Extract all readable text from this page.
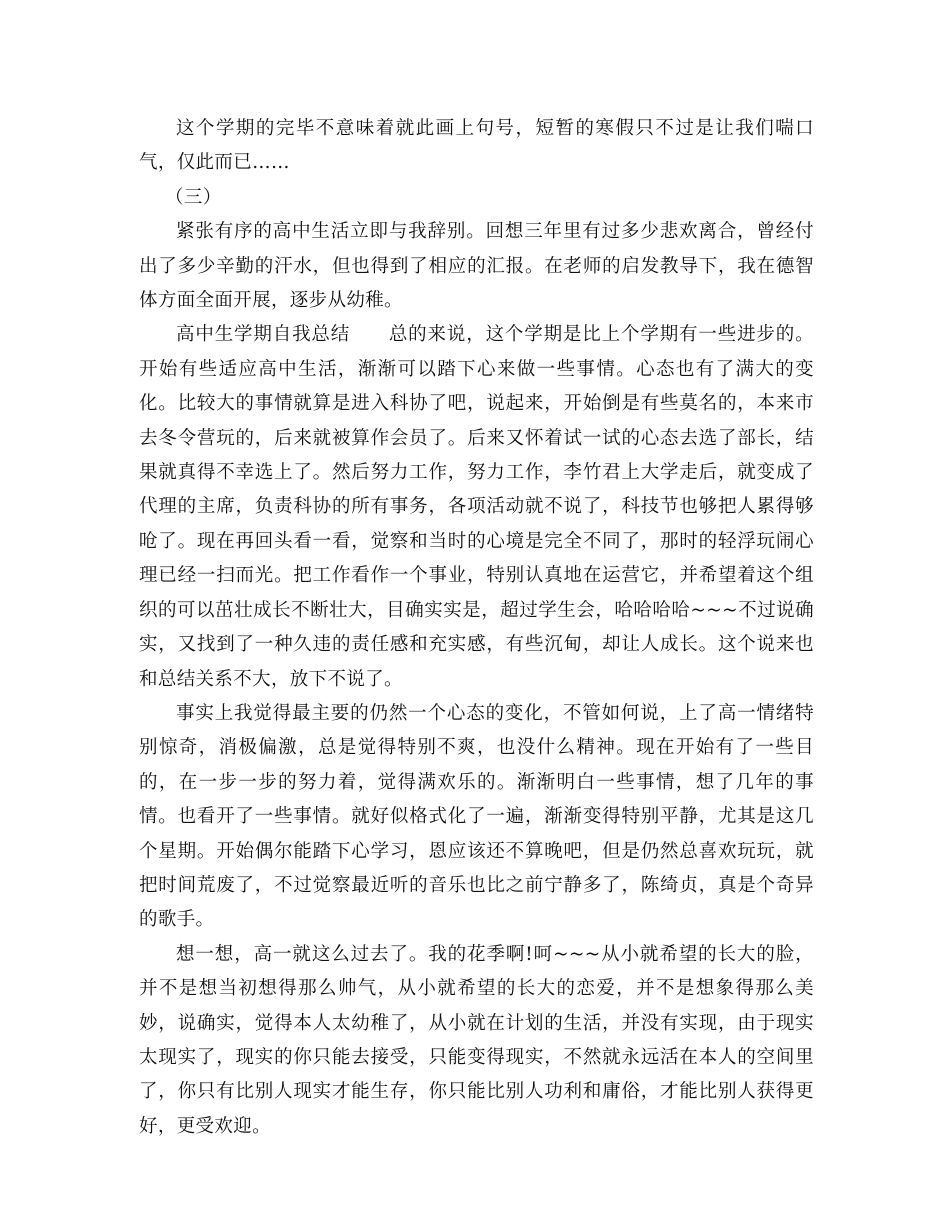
这个学期的完毕不意味着就此画上句号，短暂的寒假只不过是让我们喘口气，仅此而已……

（三）

紧张有序的高中生活立即与我辞别。回想三年里有过多少悲欢离合，曾经付出了多少辛勤的汗水，但也得到了相应的汇报。在老师的启发教导下，我在德智体方面全面开展，逐步从幼稚。

高中生学期自我总结　　总的来说，这个学期是比上个学期有一些进步的。开始有些适应高中生活，渐渐可以踏下心来做一些事情。心态也有了满大的变化。比较大的事情就算是进入科协了吧，说起来，开始倒是有些莫名的，本来市去冬令营玩的，后来就被算作会员了。后来又怀着试一试的心态去选了部长，结果就真得不幸选上了。然后努力工作，努力工作，李竹君上大学走后，就变成了代理的主席，负责科协的所有事务，各项活动就不说了，科技节也够把人累得够呛了。现在再回头看一看，觉察和当时的心境是完全不同了，那时的轻浮玩闹心理已经一扫而光。把工作看作一个事业，特别认真地在运营它，并希望着这个组织的可以茁壮成长不断壮大，目确实实是，超过学生会，哈哈哈哈~~~不过说确实，又找到了一种久违的责任感和充实感，有些沉甸，却让人成长。这个说来也和总结关系不大，放下不说了。

事实上我觉得最主要的仍然一个心态的变化，不管如何说，上了高一情绪特别惊奇，消极偏激，总是觉得特别不爽，也没什么精神。现在开始有了一些目的，在一步一步的努力着，觉得满欢乐的。渐渐明白一些事情，想了几年的事情。也看开了一些事情。就好似格式化了一遍，渐渐变得特别平静，尤其是这几个星期。开始偶尔能踏下心学习，恩应该还不算晚吧，但是仍然总喜欢玩玩，就把时间荒废了，不过觉察最近听的音乐也比之前宁静多了，陈绮贞，真是个奇异的歌手。

想一想，高一就这么过去了。我的花季啊!呵~~~从小就希望的长大的脸，并不是想当初想得那么帅气，从小就希望的长大的恋爱，并不是想象得那么美妙，说确实，觉得本人太幼稚了，从小就在计划的生活，并没有实现，由于现实太现实了，现实的你只能去接受，只能变得现实，不然就永远活在本人的空间里了，你只有比别人现实才能生存，你只能比别人功利和庸俗，才能比别人获得更好，更受欢迎。
